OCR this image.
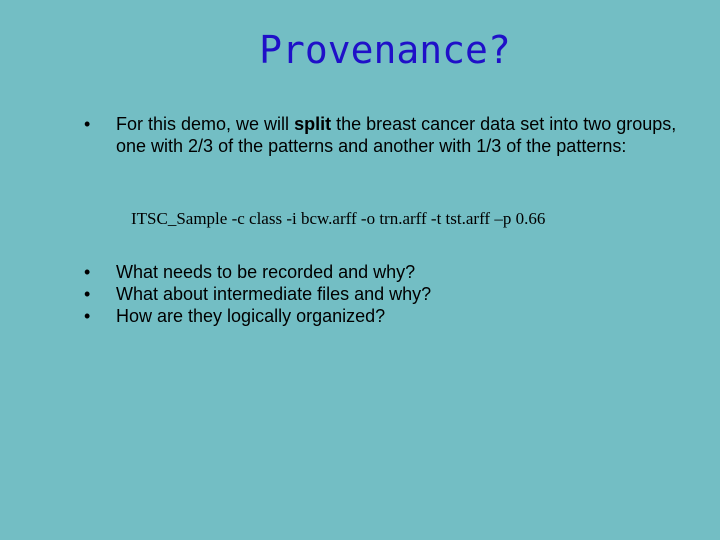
Provenance?
• For this demo, we will split the breast cancer data set into two groups, one with 2/3 of the patterns and another with 1/3 of the patterns:
ITSC_Sample -c class -i bcw.arff -o trn.arff -t tst.arff –p 0.66
• What needs to be recorded and why?
• What about intermediate files and why?
• How are they logically organized?
